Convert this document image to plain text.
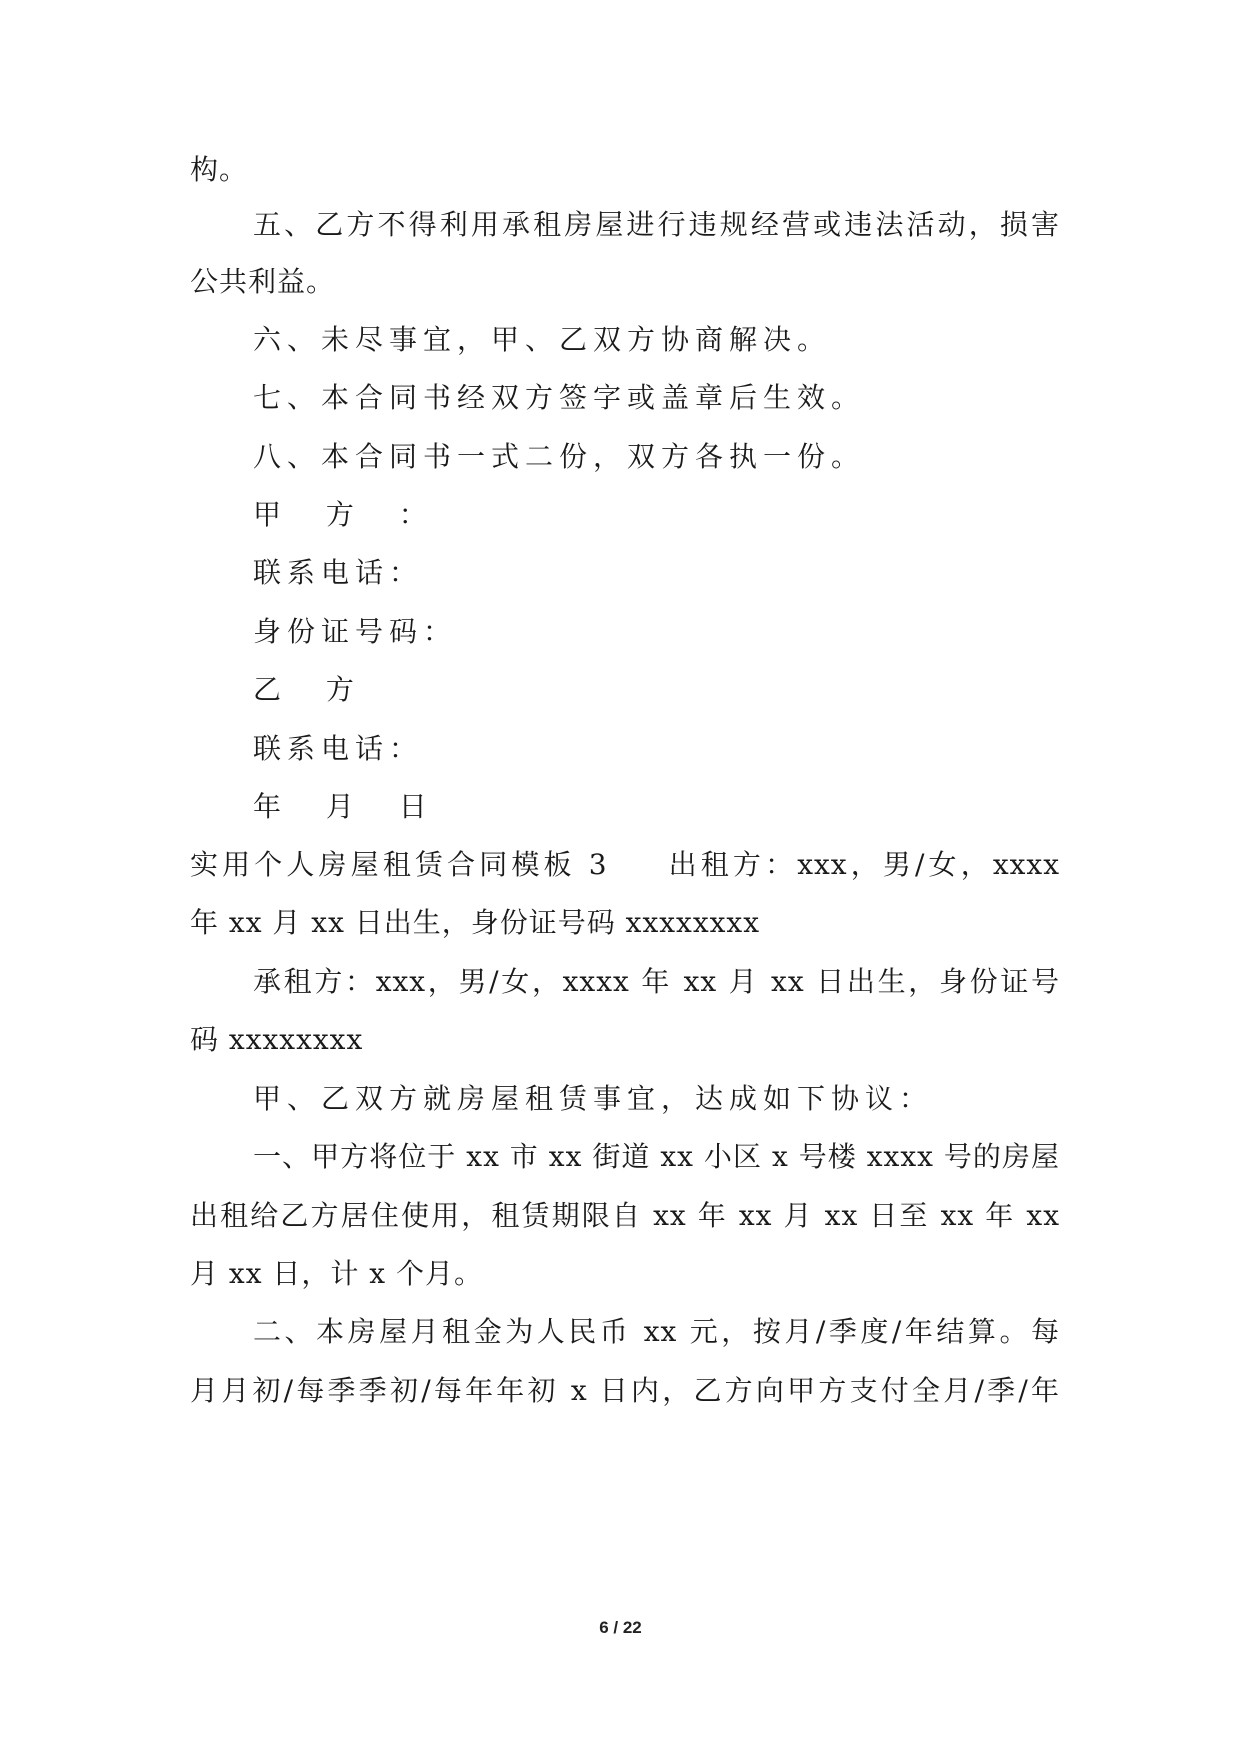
构。
五、乙方不得利用承租房屋进行违规经营或违法活动，损害
公共利益。
六、未尽事宜，甲、乙双方协商解决。
七、本合同书经双方签字或盖章后生效。
八、本合同书一式二份，双方各执一份。
甲 方 ：
联系电话：
身份证号码：
乙 方
联系电话：
年 月 日
实用个人房屋租赁合同模板 3 出租方：xxx，男/女，xxxx
年 xx 月 xx 日出生，身份证号码 xxxxxxxx
承租方：xxx，男/女，xxxx 年 xx 月 xx 日出生，身份证号
码 xxxxxxxx
甲、乙双方就房屋租赁事宜，达成如下协议：
一、甲方将位于 xx 市 xx 街道 xx 小区 x 号楼 xxxx 号的房屋
出租给乙方居住使用，租赁期限自 xx 年 xx 月 xx 日至 xx 年 xx
月 xx 日，计 x 个月。
二、本房屋月租金为人民币 xx 元，按月/季度/年结算。每
月月初/每季季初/每年年初 x 日内，乙方向甲方支付全月/季/年
6 / 22
